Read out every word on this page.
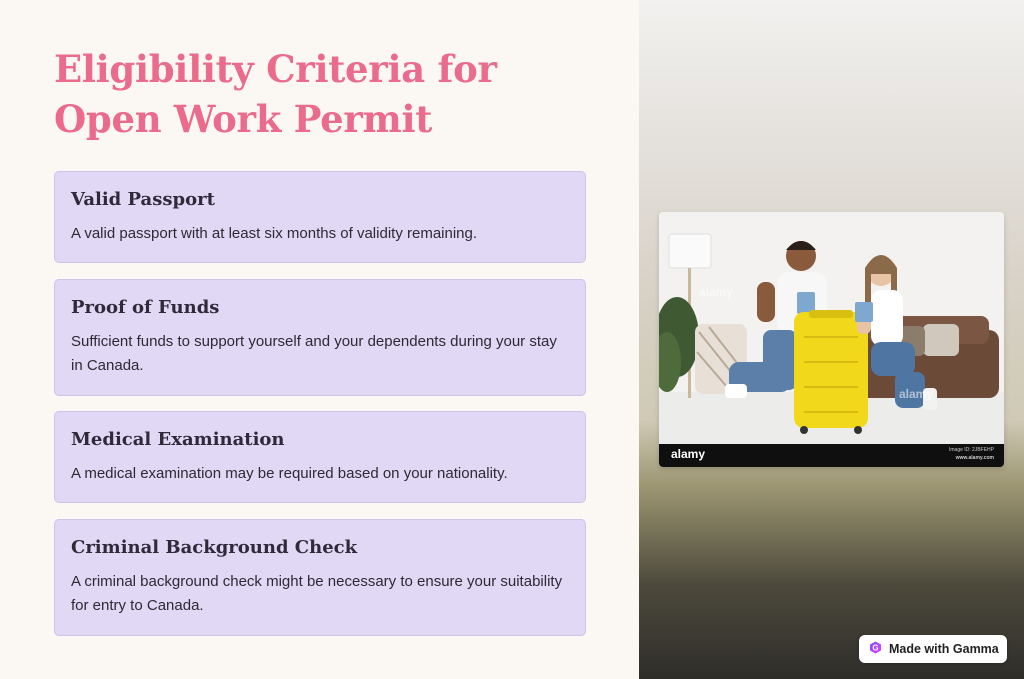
Eligibility Criteria for Open Work Permit
Valid Passport

A valid passport with at least six months of validity remaining.

Proof of Funds

Sufficient funds to support yourself and your dependents during your stay in Canada.

Medical Examination

A medical examination may be required based on your nationality.

Criminal Background Check

A criminal background check might be necessary to ensure your suitability for entry to Canada.

alamy
alamy
alamy	Image ID: 2JBFEHP
www.alamy.com
G Made with Gamma
